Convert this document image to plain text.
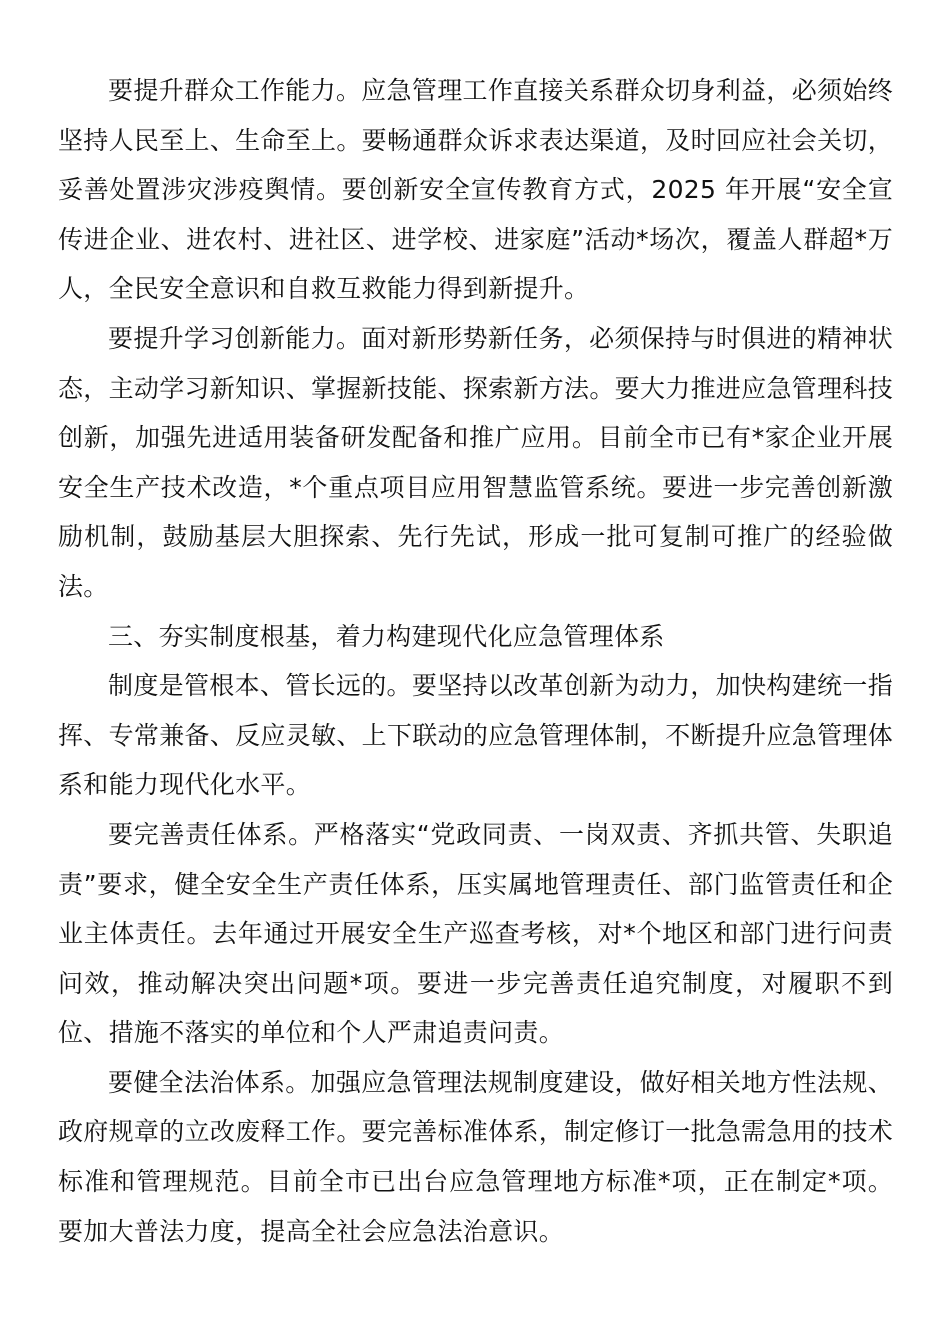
要提升群众工作能力。应急管理工作直接关系群众切身利益，必须始终坚持人民至上、生命至上。要畅通群众诉求表达渠道，及时回应社会关切，妥善处置涉灾涉疫舆情。要创新安全宣传教育方式，2025 年开展“安全宣传进企业、进农村、进社区、进学校、进家庭”活动*场次，覆盖人群超*万人，全民安全意识和自救互救能力得到新提升。

要提升学习创新能力。面对新形势新任务，必须保持与时俱进的精神状态，主动学习新知识、掌握新技能、探索新方法。要大力推进应急管理科技创新，加强先进适用装备研发配备和推广应用。目前全市已有*家企业开展安全生产技术改造，*个重点项目应用智慧监管系统。要进一步完善创新激励机制，鼓励基层大胆探索、先行先试，形成一批可复制可推广的经验做法。

三、夯实制度根基，着力构建现代化应急管理体系

制度是管根本、管长远的。要坚持以改革创新为动力，加快构建统一指挥、专常兼备、反应灵敏、上下联动的应急管理体制，不断提升应急管理体系和能力现代化水平。

要完善责任体系。严格落实“党政同责、一岗双责、齐抓共管、失职追责”要求，健全安全生产责任体系，压实属地管理责任、部门监管责任和企业主体责任。去年通过开展安全生产巡查考核，对*个地区和部门进行问责问效，推动解决突出问题*项。要进一步完善责任追究制度，对履职不到位、措施不落实的单位和个人严肃追责问责。

要健全法治体系。加强应急管理法规制度建设，做好相关地方性法规、政府规章的立改废释工作。要完善标准体系，制定修订一批急需急用的技术标准和管理规范。目前全市已出台应急管理地方标准*项，正在制定*项。要加大普法力度，提高全社会应急法治意识。
